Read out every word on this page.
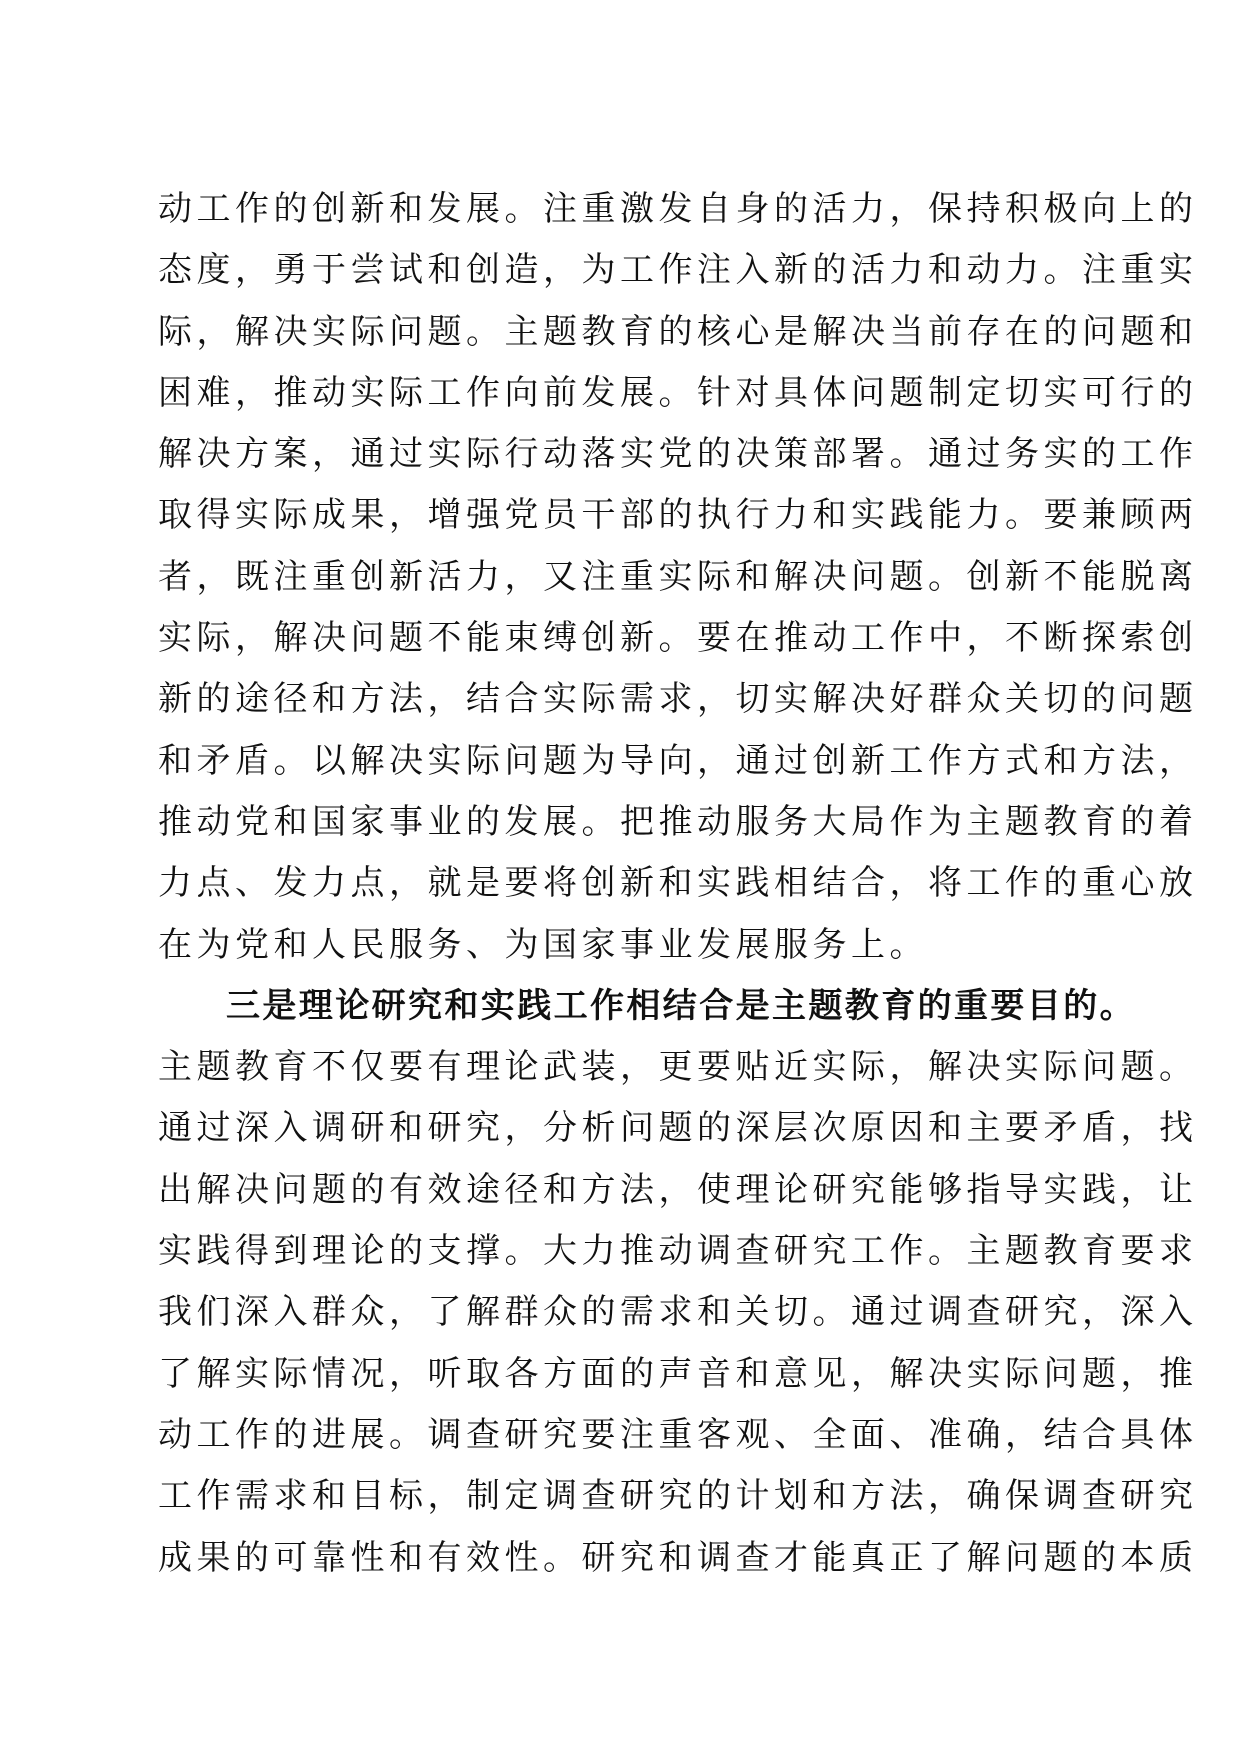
动工作的创新和发展。注重激发自身的活力，保持积极向上的
态度，勇于尝试和创造，为工作注入新的活力和动力。注重实
际，解决实际问题。主题教育的核心是解决当前存在的问题和
困难，推动实际工作向前发展。针对具体问题制定切实可行的
解决方案，通过实际行动落实党的决策部署。通过务实的工作
取得实际成果，增强党员干部的执行力和实践能力。要兼顾两
者，既注重创新活力，又注重实际和解决问题。创新不能脱离
实际，解决问题不能束缚创新。要在推动工作中，不断探索创
新的途径和方法，结合实际需求，切实解决好群众关切的问题
和矛盾。以解决实际问题为导向，通过创新工作方式和方法，
推动党和国家事业的发展。把推动服务大局作为主题教育的着
力点、发力点，就是要将创新和实践相结合，将工作的重心放
在为党和人民服务、为国家事业发展服务上。
三是理论研究和实践工作相结合是主题教育的重要目的。
主题教育不仅要有理论武装，更要贴近实际，解决实际问题。
通过深入调研和研究，分析问题的深层次原因和主要矛盾，找
出解决问题的有效途径和方法，使理论研究能够指导实践，让
实践得到理论的支撑。大力推动调查研究工作。主题教育要求
我们深入群众，了解群众的需求和关切。通过调查研究，深入
了解实际情况，听取各方面的声音和意见，解决实际问题，推
动工作的进展。调查研究要注重客观、全面、准确，结合具体
工作需求和目标，制定调查研究的计划和方法，确保调查研究
成果的可靠性和有效性。研究和调查才能真正了解问题的本质
